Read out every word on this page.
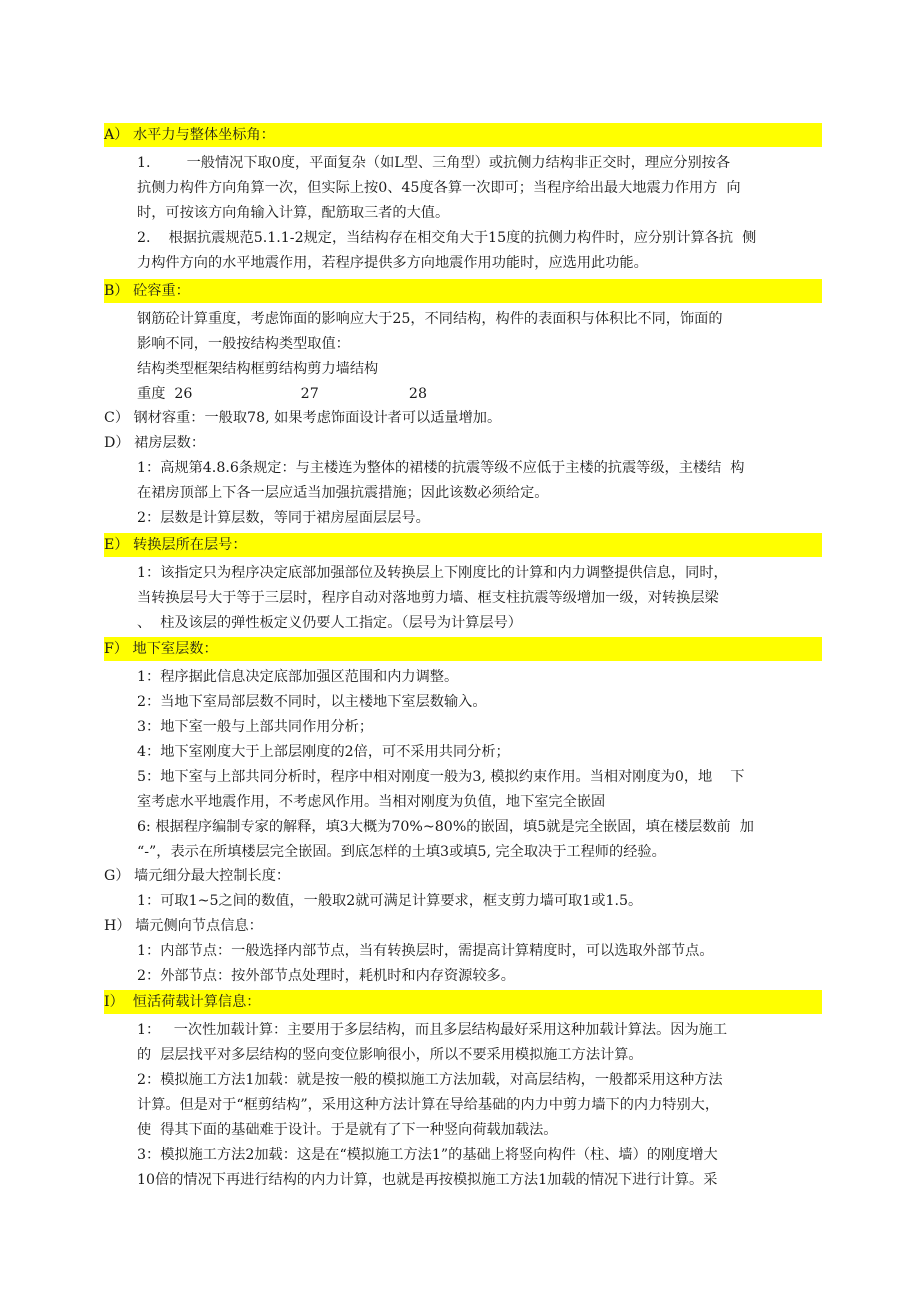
A） 水平力与整体坐标角：
1.        一般情况下取0度，平面复杂（如L型、三角型）或抗侧力结构非正交时，理应分别按各
抗侧力构件方向角算一次，但实际上按0、45度各算一次即可；当程序给出最大地震力作用方  向
时，可按该方向角输入计算，配筋取三者的大值。
2.    根据抗震规范5.1.1-2规定，当结构存在相交角大于15度的抗侧力构件时，应分别计算各抗  侧
力构件方向的水平地震作用，若程序提供多方向地震作用功能时，应选用此功能。
B） 砼容重：
钢筋砼计算重度，考虑饰面的影响应大于25，不同结构，构件的表面积与体积比不同，饰面的
影响不同，一般按结构类型取值：
结构类型框架结构框剪结构剪力墙结构
重度  26                        27                    28
C） 钢材容重：一般取78, 如果考虑饰面设计者可以适量增加。
D） 裙房层数：
1：高规第4.8.6条规定：与主楼连为整体的裙楼的抗震等级不应低于主楼的抗震等级，主楼结  构
在裙房顶部上下各一层应适当加强抗震措施；因此该数必须给定。
2：层数是计算层数，等同于裙房屋面层层号。
E） 转换层所在层号：
1：该指定只为程序决定底部加强部位及转换层上下刚度比的计算和内力调整提供信息，同时，
当转换层号大于等于三层时，程序自动对落地剪力墙、框支柱抗震等级增加一级，对转换层梁
、  柱及该层的弹性板定义仍要人工指定。（层号为计算层号）
F） 地下室层数：
1：程序据此信息决定底部加强区范围和内力调整。
2：当地下室局部层数不同时，以主楼地下室层数输入。
3：地下室一般与上部共同作用分析；
4：地下室刚度大于上部层刚度的2倍，可不采用共同分析；
5：地下室与上部共同分析时，程序中相对刚度一般为3, 模拟约束作用。当相对刚度为0，地    下
室考虑水平地震作用，不考虑风作用。当相对刚度为负值，地下室完全嵌固
6: 根据程序编制专家的解释，填3大概为70%~80%的嵌固，填5就是完全嵌固，填在楼层数前  加
“-”，表示在所填楼层完全嵌固。到底怎样的土填3或填5, 完全取决于工程师的经验。
G） 墙元细分最大控制长度：
1：可取1~5之间的数值，一般取2就可满足计算要求，框支剪力墙可取1或1.5。
H） 墙元侧向节点信息：
1：内部节点：一般选择内部节点，当有转换层时，需提高计算精度时，可以选取外部节点。
2：外部节点：按外部节点处理时，耗机时和内存资源较多。
I）  恒活荷载计算信息：
1：   一次性加载计算：主要用于多层结构，而且多层结构最好采用这种加载计算法。因为施工
的  层层找平对多层结构的竖向变位影响很小，所以不要采用模拟施工方法计算。
2：模拟施工方法1加载：就是按一般的模拟施工方法加载，对高层结构，一般都采用这种方法
计算。但是对于“框剪结构”，采用这种方法计算在导给基础的内力中剪力墙下的内力特别大，
使  得其下面的基础难于设计。于是就有了下一种竖向荷载加载法。
3：模拟施工方法2加载：这是在“模拟施工方法1”的基础上将竖向构件（柱、墙）的刚度增大
10倍的情况下再进行结构的内力计算，也就是再按模拟施工方法1加载的情况下进行计算。采
